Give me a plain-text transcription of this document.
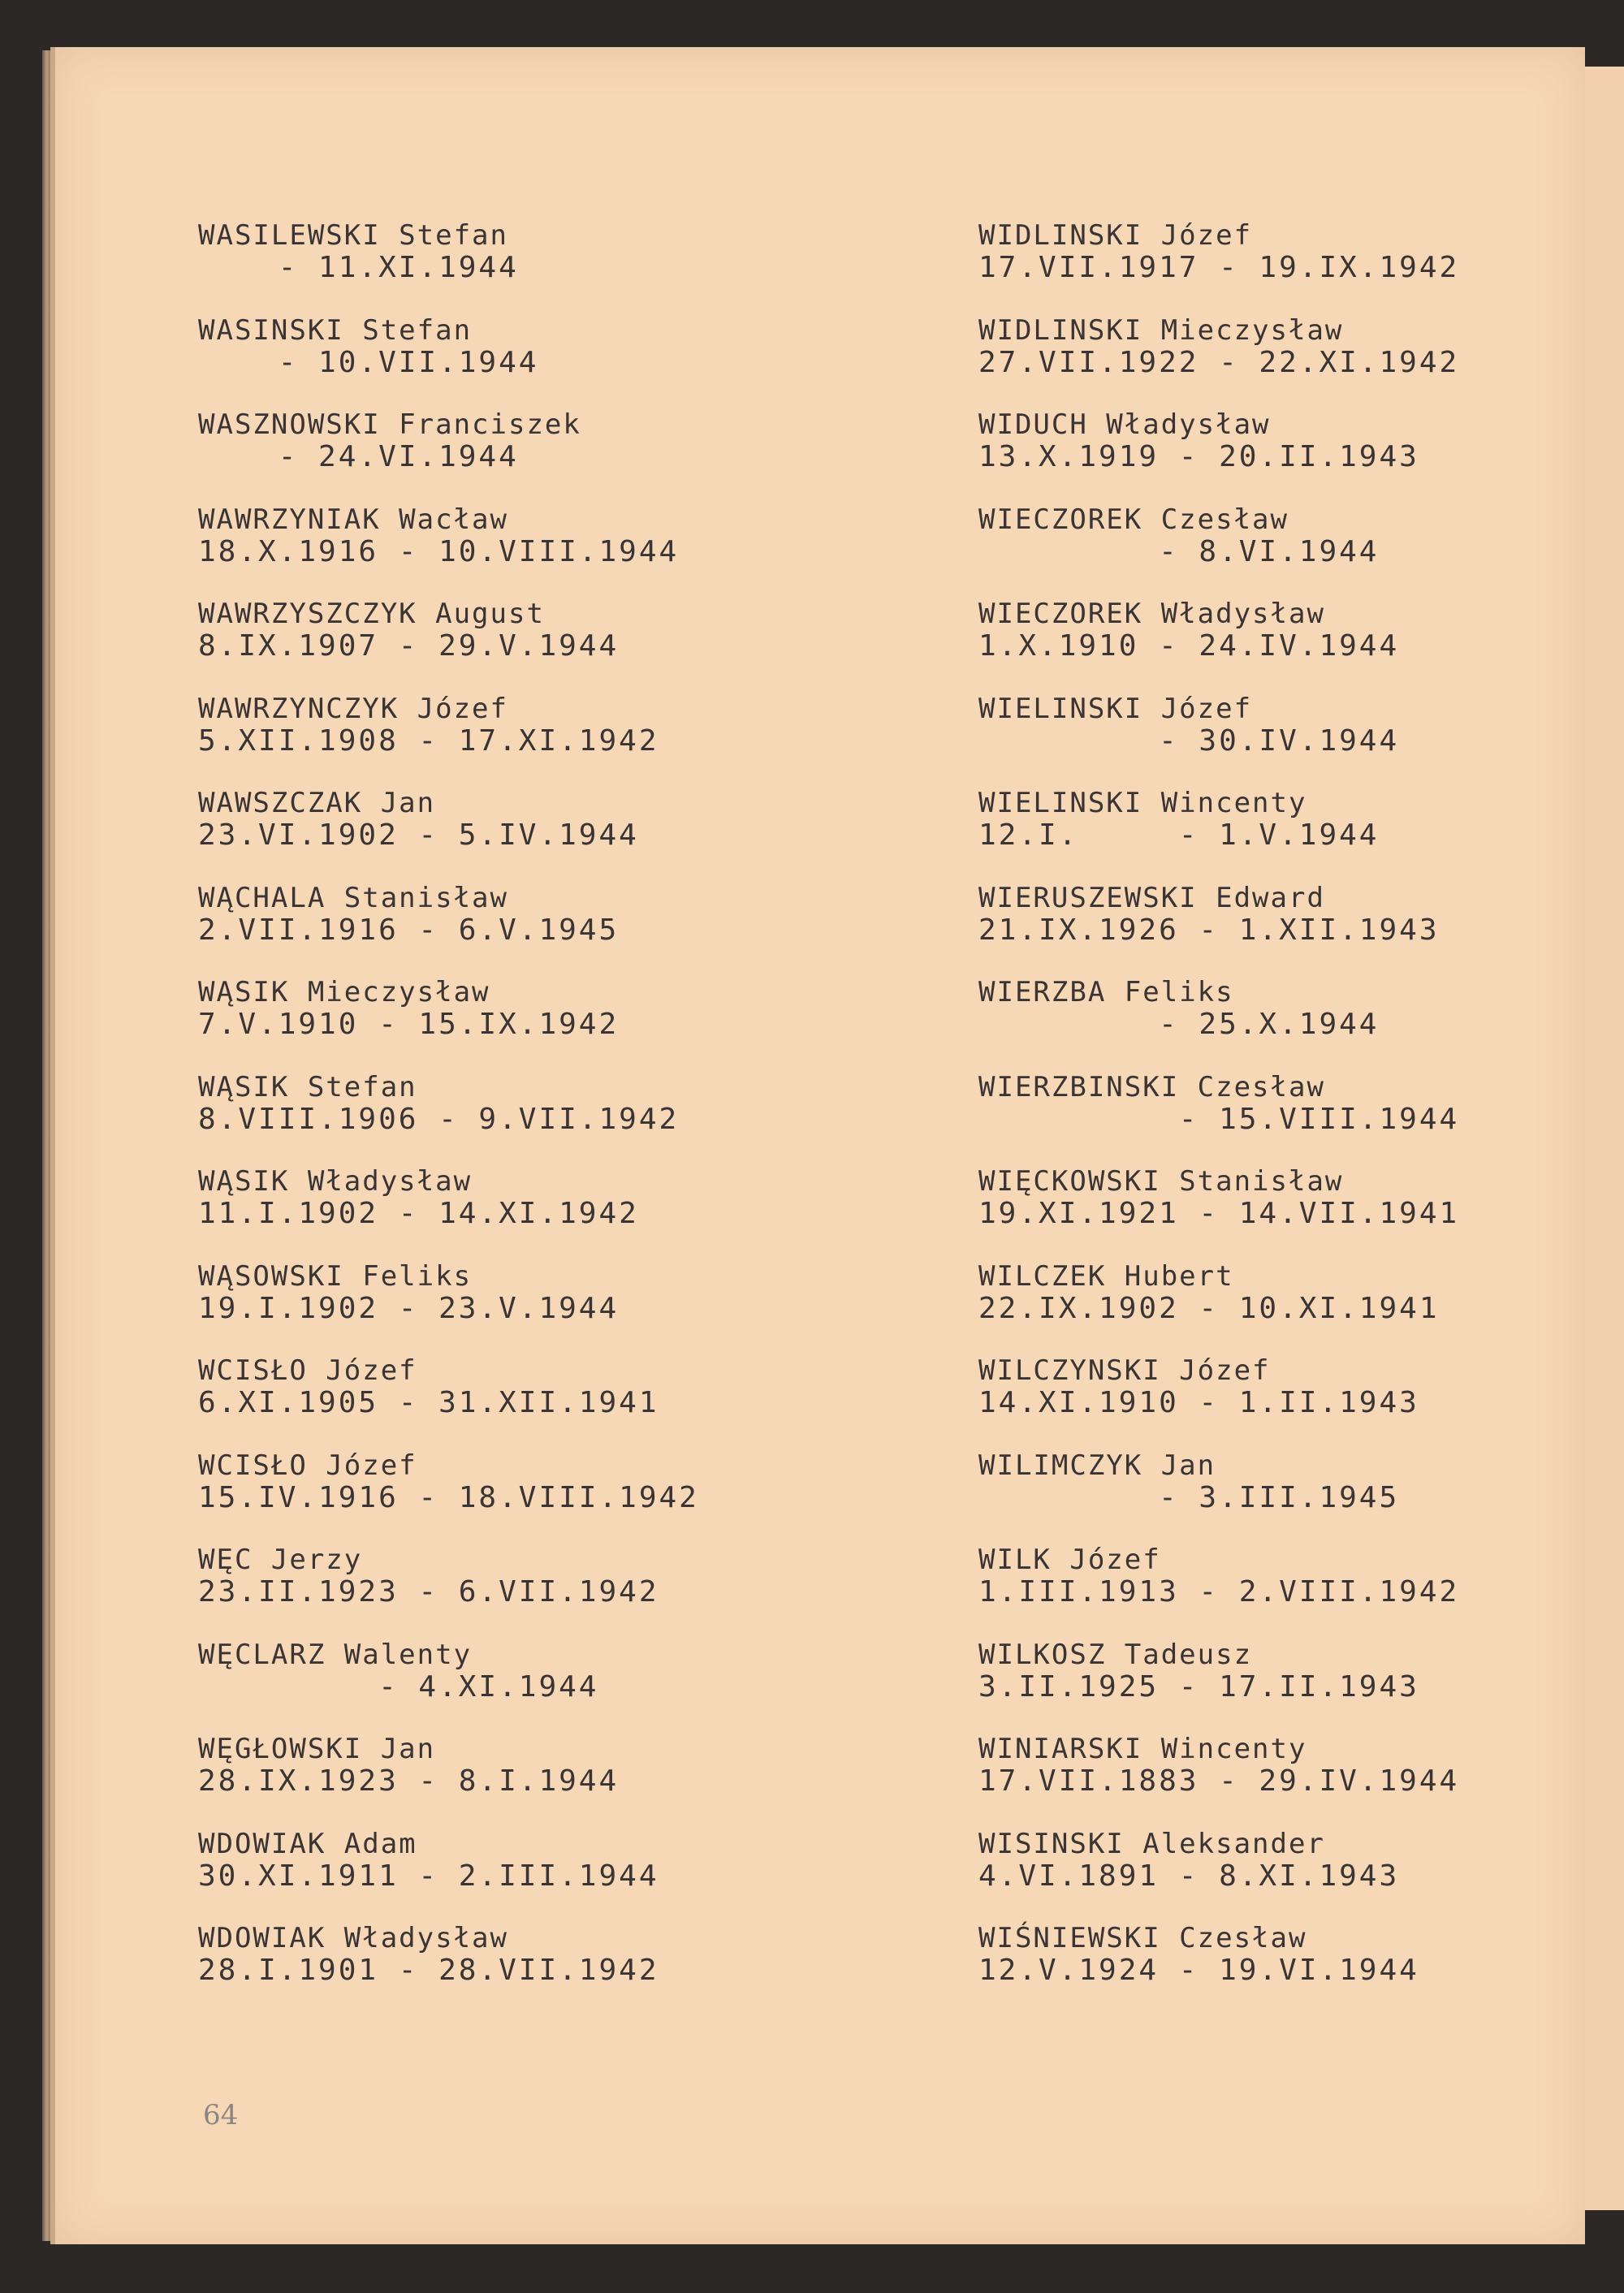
WASILEWSKI Stefan
- 11.XI.1944
WASINSKI Stefan
- 10.VII.1944
WASZNOWSKI Franciszek
- 24.VI.1944
WAWRZYNIAK Wacław
18.X.1916 - 10.VIII.1944
WAWRZYSZCZYK August
8.IX.1907 - 29.V.1944
WAWRZYNCZYK Józef
5.XII.1908 - 17.XI.1942
WAWSZCZAK Jan
23.VI.1902 - 5.IV.1944
WĄCHALA Stanisław
2.VII.1916 - 6.V.1945
WĄSIK Mieczysław
7.V.1910 - 15.IX.1942
WĄSIK Stefan
8.VIII.1906 - 9.VII.1942
WĄSIK Władysław
11.I.1902 - 14.XI.1942
WĄSOWSKI Feliks
19.I.1902 - 23.V.1944
WCISŁO Józef
6.XI.1905 - 31.XII.1941
WCISŁO Józef
15.IV.1916 - 18.VIII.1942
WĘC Jerzy
23.II.1923 - 6.VII.1942
WĘCLARZ Walenty
- 4.XI.1944
WĘGŁOWSKI Jan
28.IX.1923 - 8.I.1944
WDOWIAK Adam
30.XI.1911 - 2.III.1944
WDOWIAK Władysław
28.I.1901 - 28.VII.1942
WIDLINSKI Józef
17.VII.1917 - 19.IX.1942
WIDLINSKI Mieczysław
27.VII.1922 - 22.XI.1942
WIDUCH Władysław
13.X.1919 - 20.II.1943
WIECZOREK Czesław
- 8.VI.1944
WIECZOREK Władysław
1.X.1910 - 24.IV.1944
WIELINSKI Józef
- 30.IV.1944
WIELINSKI Wincenty
12.I.     - 1.V.1944
WIERUSZEWSKI Edward
21.IX.1926 - 1.XII.1943
WIERZBA Feliks
- 25.X.1944
WIERZBINSKI Czesław
- 15.VIII.1944
WIĘCKOWSKI Stanisław
19.XI.1921 - 14.VII.1941
WILCZEK Hubert
22.IX.1902 - 10.XI.1941
WILCZYNSKI Józef
14.XI.1910 - 1.II.1943
WILIMCZYK Jan
- 3.III.1945
WILK Józef
1.III.1913 - 2.VIII.1942
WILKOSZ Tadeusz
3.II.1925 - 17.II.1943
WINIARSKI Wincenty
17.VII.1883 - 29.IV.1944
WISINSKI Aleksander
4.VI.1891 - 8.XI.1943
WIŚNIEWSKI Czesław
12.V.1924 - 19.VI.1944
64
